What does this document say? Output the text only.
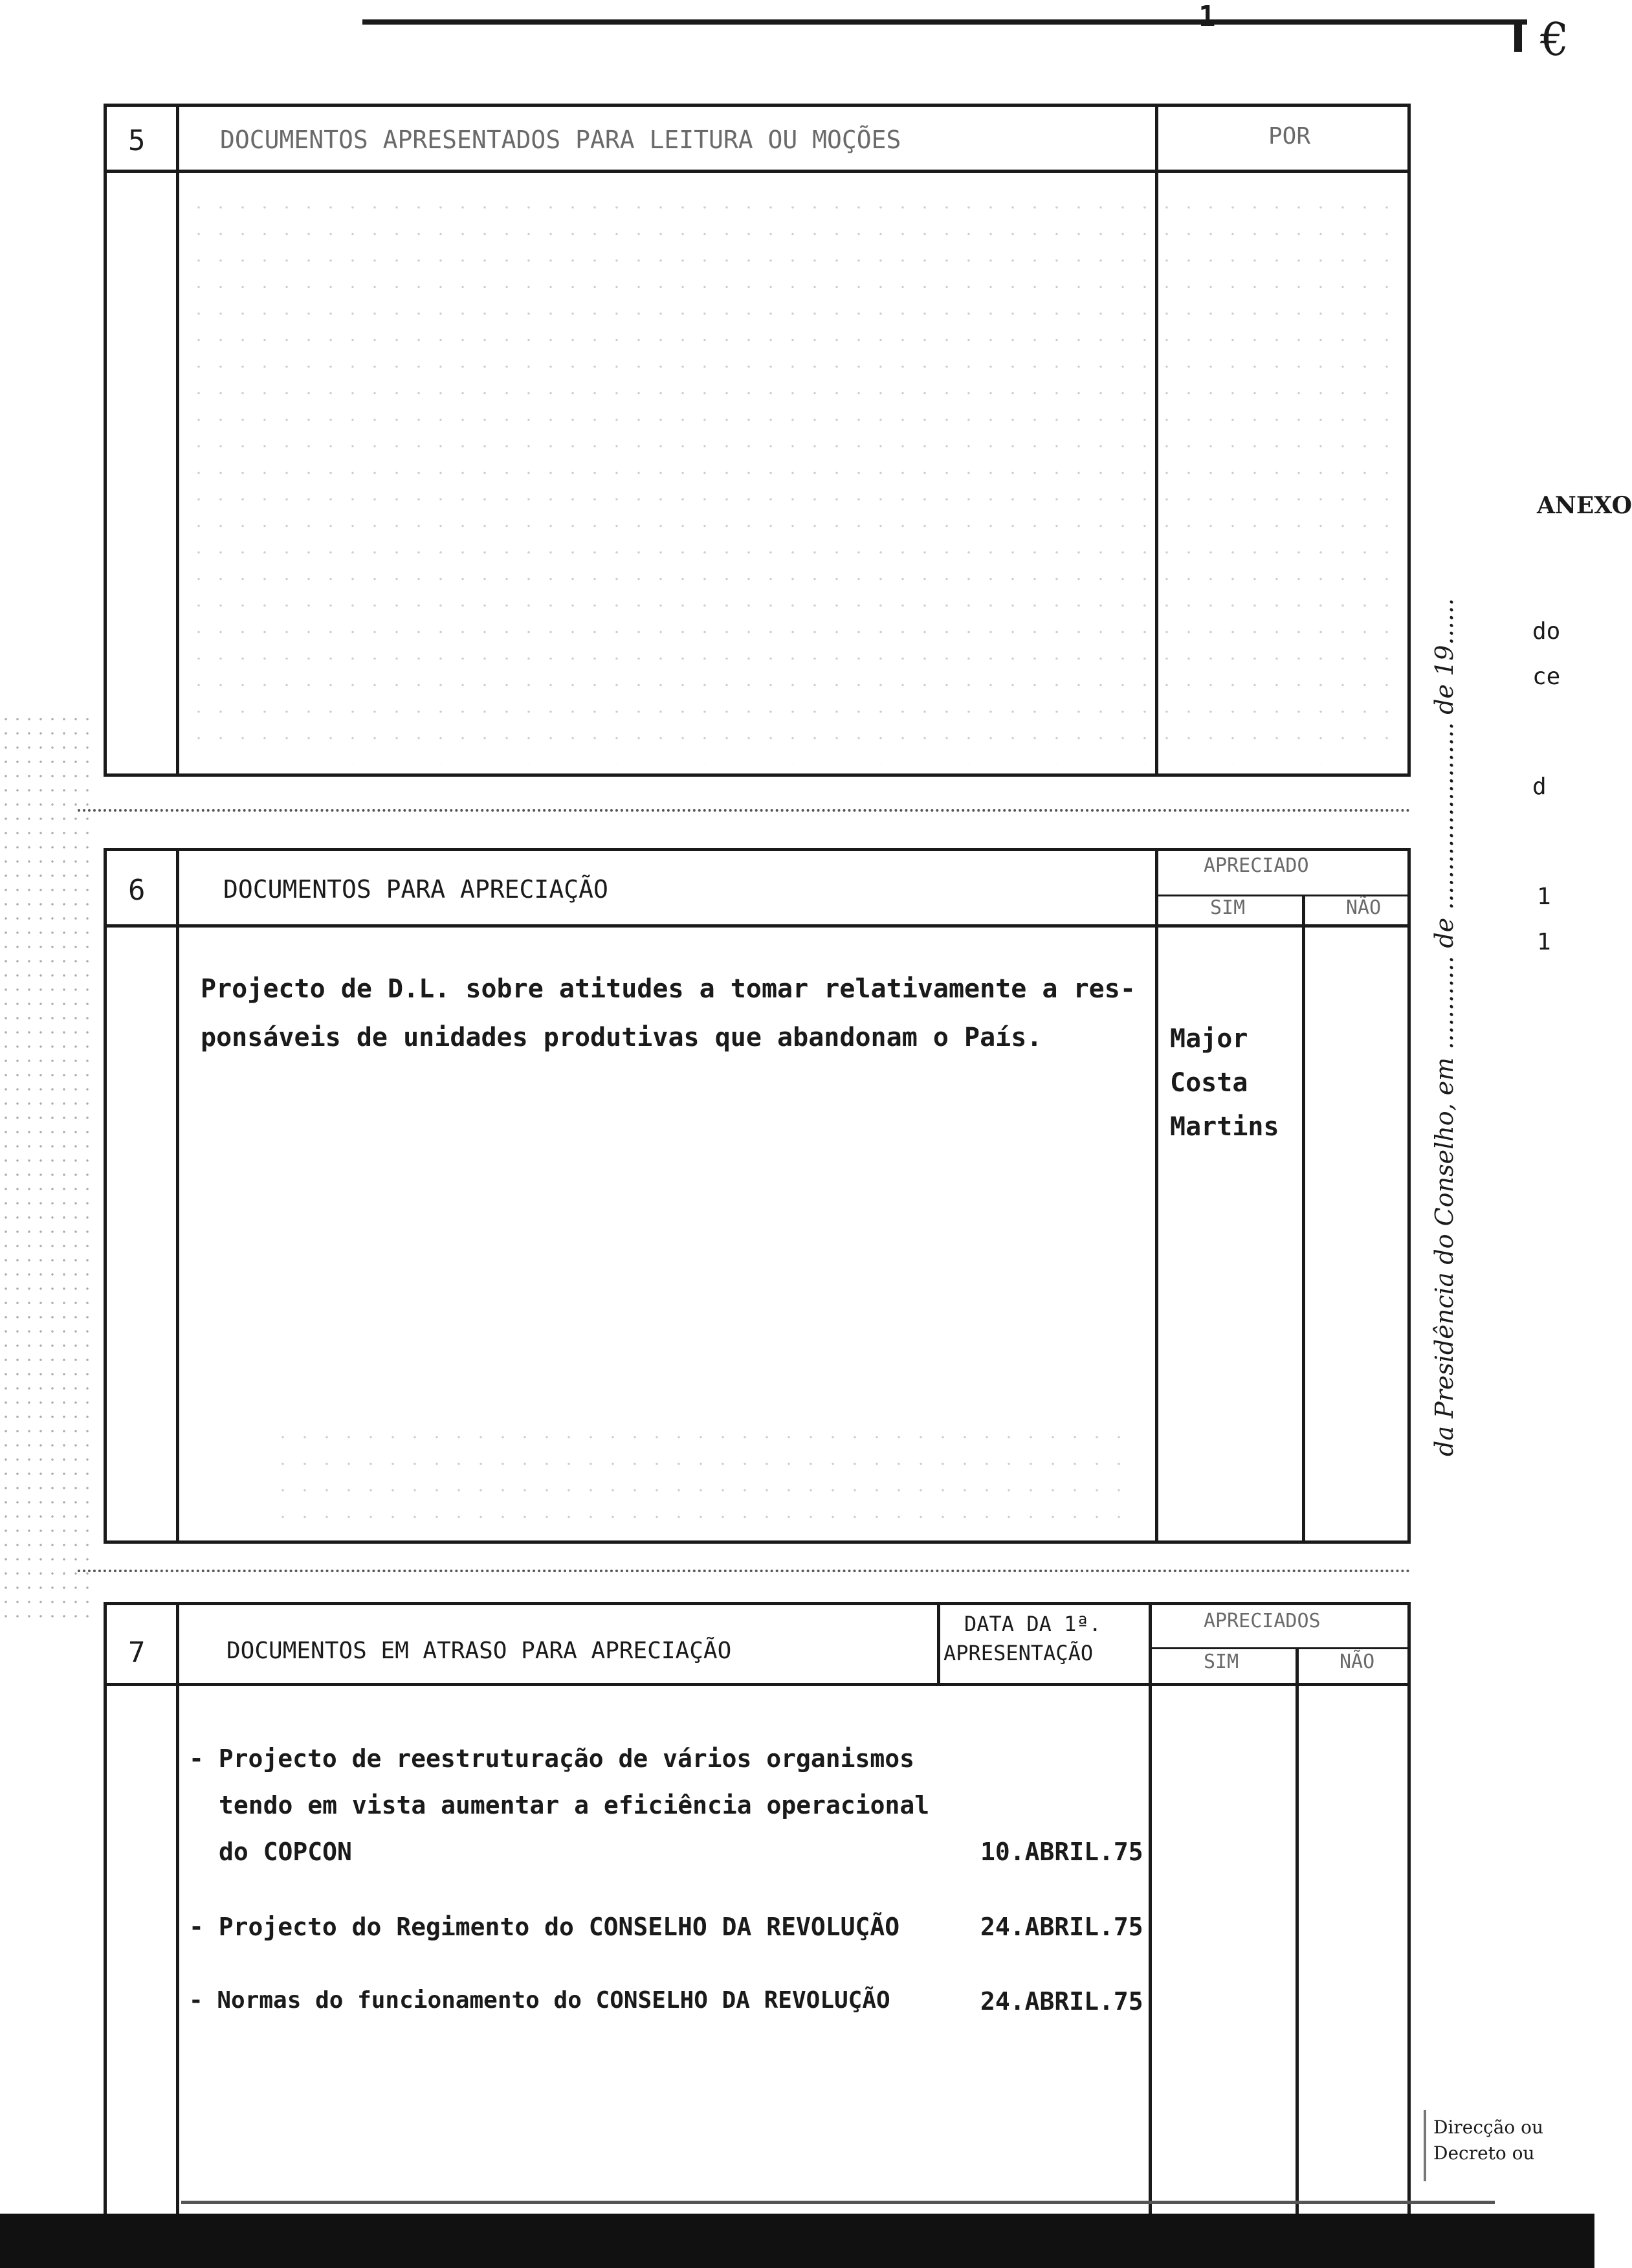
1	€
5	DOCUMENTOS APRESENTADOS PARA LEITURA OU MOÇÕES	POR
6	DOCUMENTOS PARA APRECIAÇÃO
APRECIADO
SIM	NÃO
Projecto de D.L. sobre atitudes a tomar relativamente a res-
ponsáveis de unidades produtivas que abandonam o País.	Major
Costa
Martins
7	DOCUMENTOS EM ATRASO PARA APRECIAÇÃO
DATA DA 1ª.
APRESENTAÇÃO
APRECIADOS
SIM	NÃO
- Projecto de reestruturação de vários organismos
tendo em vista aumentar a eficiência operacional
do COPCON	10.ABRIL.75
- Projecto do Regimento do CONSELHO DA REVOLUÇÃO	24.ABRIL.75
- Normas do funcionamento do CONSELHO DA REVOLUÇÃO	24.ABRIL.75
da Presidência do Conselho, em ............ de ........................ de 19......
ANEXO
do
ce
d
1
1
Direcção ou
Decreto ou
